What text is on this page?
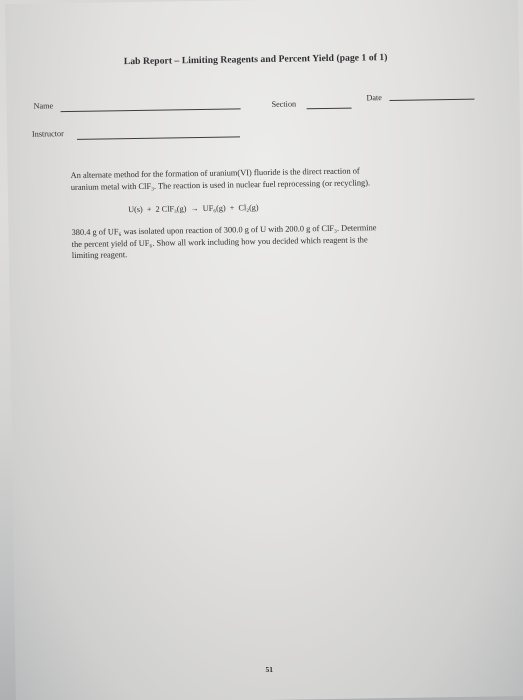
Lab Report – Limiting Reagents and Percent Yield (page 1 of 1)
Name	Section
Date
Instructor

An alternate method for the formation of uranium(VI) fluoride is the direct reaction of

uranium metal with ClF₃. The reaction is used in nuclear fuel reprocessing (or recycling).

U(s) + 2 ClF₃(g) → UF₆(g) + Cl₂(g)

380.4 g of UF₆ was isolated upon reaction of 300.0 g of U with 200.0 g of ClF₃. Determine

the percent yield of UF₆. Show all work including how you decided which reagent is the

limiting reagent.

51
